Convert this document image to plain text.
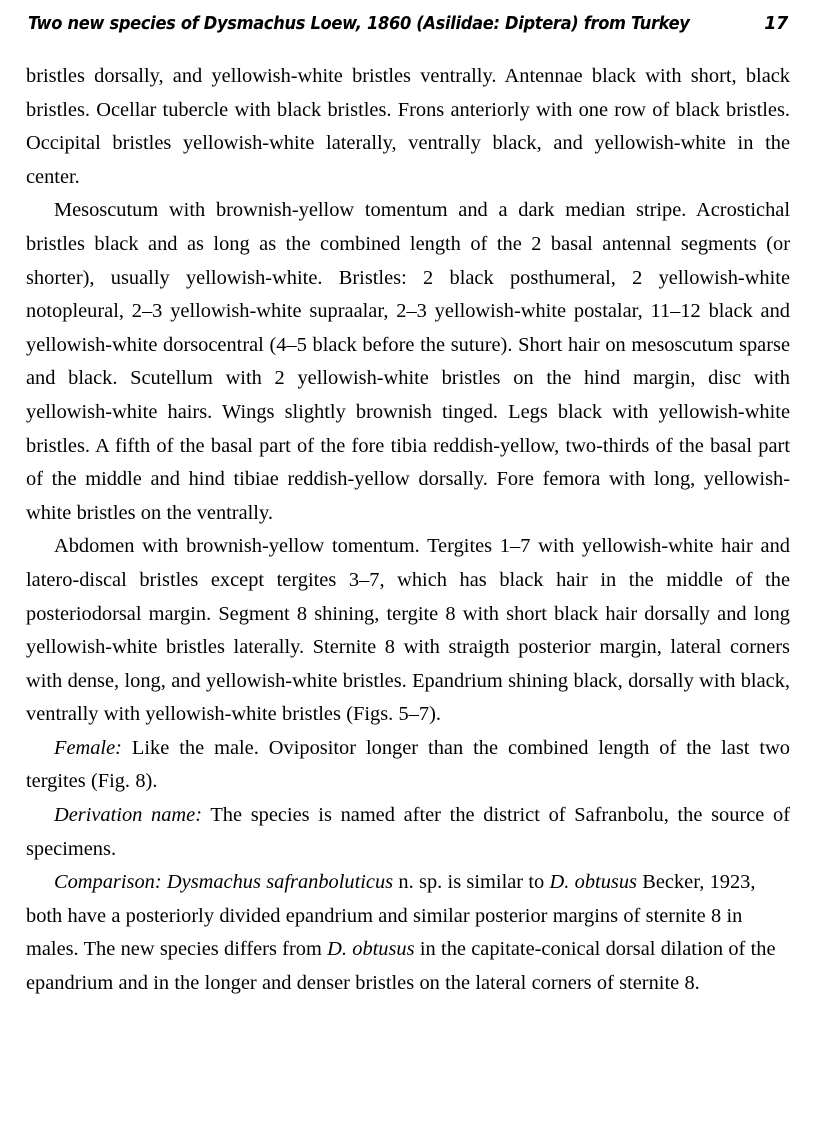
Two new species of Dysmachus Loew, 1860 (Asilidae: Diptera) from Turkey	17

bristles dorsally, and yellowish-white bristles ventrally. Antennae black with short, black bristles. Ocellar tubercle with black bristles. Frons anteriorly with one row of black bristles. Occipital bristles yellowish-white laterally, ventrally black, and yellowish-white in the center.

Mesoscutum with brownish-yellow tomentum and a dark median stripe. Acrostichal bristles black and as long as the combined length of the 2 basal antennal segments (or shorter), usually yellowish-white. Bristles: 2 black posthumeral, 2 yellowish-white notopleural, 2–3 yellowish-white supraalar, 2–3 yellowish-white postalar, 11–12 black and yellowish-white dorsocentral (4–5 black before the suture). Short hair on mesoscutum sparse and black. Scutellum with 2 yellowish-white bristles on the hind margin, disc with yellowish-white hairs. Wings slightly brownish tinged. Legs black with yellowish-white bristles. A fifth of the basal part of the fore tibia reddish-yellow, two-thirds of the basal part of the middle and hind tibiae reddish-yellow dorsally. Fore femora with long, yellowish-white bristles on the ventrally.

Abdomen with brownish-yellow tomentum. Tergites 1–7 with yellowish-white hair and latero-discal bristles except tergites 3–7, which has black hair in the middle of the posteriodorsal margin. Segment 8 shining, tergite 8 with short black hair dorsally and long yellowish-white bristles laterally. Sternite 8 with straigth posterior margin, lateral corners with dense, long, and yellowish-white bristles. Epandrium shining black, dorsally with black, ventrally with yellowish-white bristles (Figs. 5–7).

Female: Like the male. Ovipositor longer than the combined length of the last two tergites (Fig. 8).

Derivation name: The species is named after the district of Safranbolu, the source of specimens.

Comparison: Dysmachus safranboluticus n. sp. is similar to D. obtusus Becker, 1923, both have a posteriorly divided epandrium and similar posterior margins of sternite 8 in males. The new species differs from D. obtusus in the capitate-conical dorsal dilation of the epandrium and in the longer and denser bristles on the lateral corners of sternite 8.
